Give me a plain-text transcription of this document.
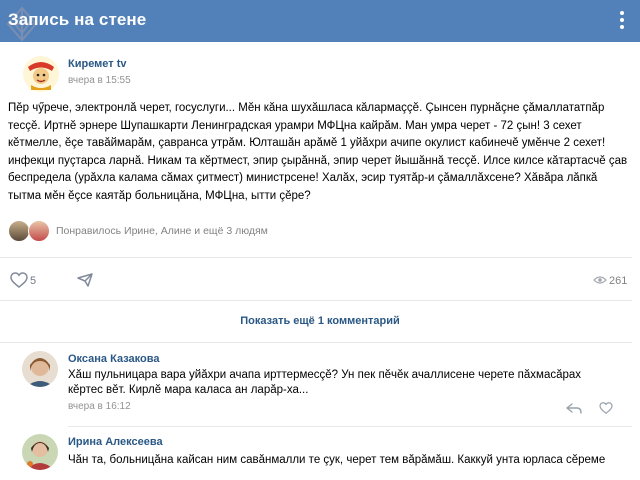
Запись на стене
Киремет tv
вчера в 15:55
Пĕр чӳрече, электронлă черет, госуслуги... Мĕн кăна шухăшласа кăлармаççĕ. Çынсен пурнăçне çăмаллататпăр тесçĕ. Иртнĕ эрнере Шупашкарти Ленинградская урамри МФЦна кайрăм. Ман умра черет - 72 çын! 3 сехет кĕтмелле, ĕçе тавăймарăм, çавранса утрăм. Юлташăн арăмĕ 1 уйăхри ачипе окулист кабинечĕ умĕнче 2 сехет! инфекци пуçтарса ларнă. Никам та кĕртмест, эпир çырăннă, эпир черет йышăннă тесçĕ. Илсе килсе кăтартасчĕ çав беспредела (урăхла калама сăмах çитмест) министрсене! Халăх, эсир туятăр-и çăмаллăхсене? Хăвăра лăпкă тытма мĕн ĕçсе каятăр больницăна, МФЦна, ытти çĕре?
Понравилось Ирине, Алине и ещё 3 людям
5	261
Показать ещё 1 комментарий
Оксана Казакова
Хăш пульницара вара уйăхри ачапа ирттермесçĕ? Ун пек пĕчĕк ачаллисене черете пăхмасăрах кĕртес вĕт. Кирлĕ мара каласа ан ларăр-ха...
вчера в 16:12
Ирина Алексеева
Чăн та, больницăна кайсан ним савăнмалли те çук, черет тем вăрăмăш. Каккуй унта юрласа сĕреме
